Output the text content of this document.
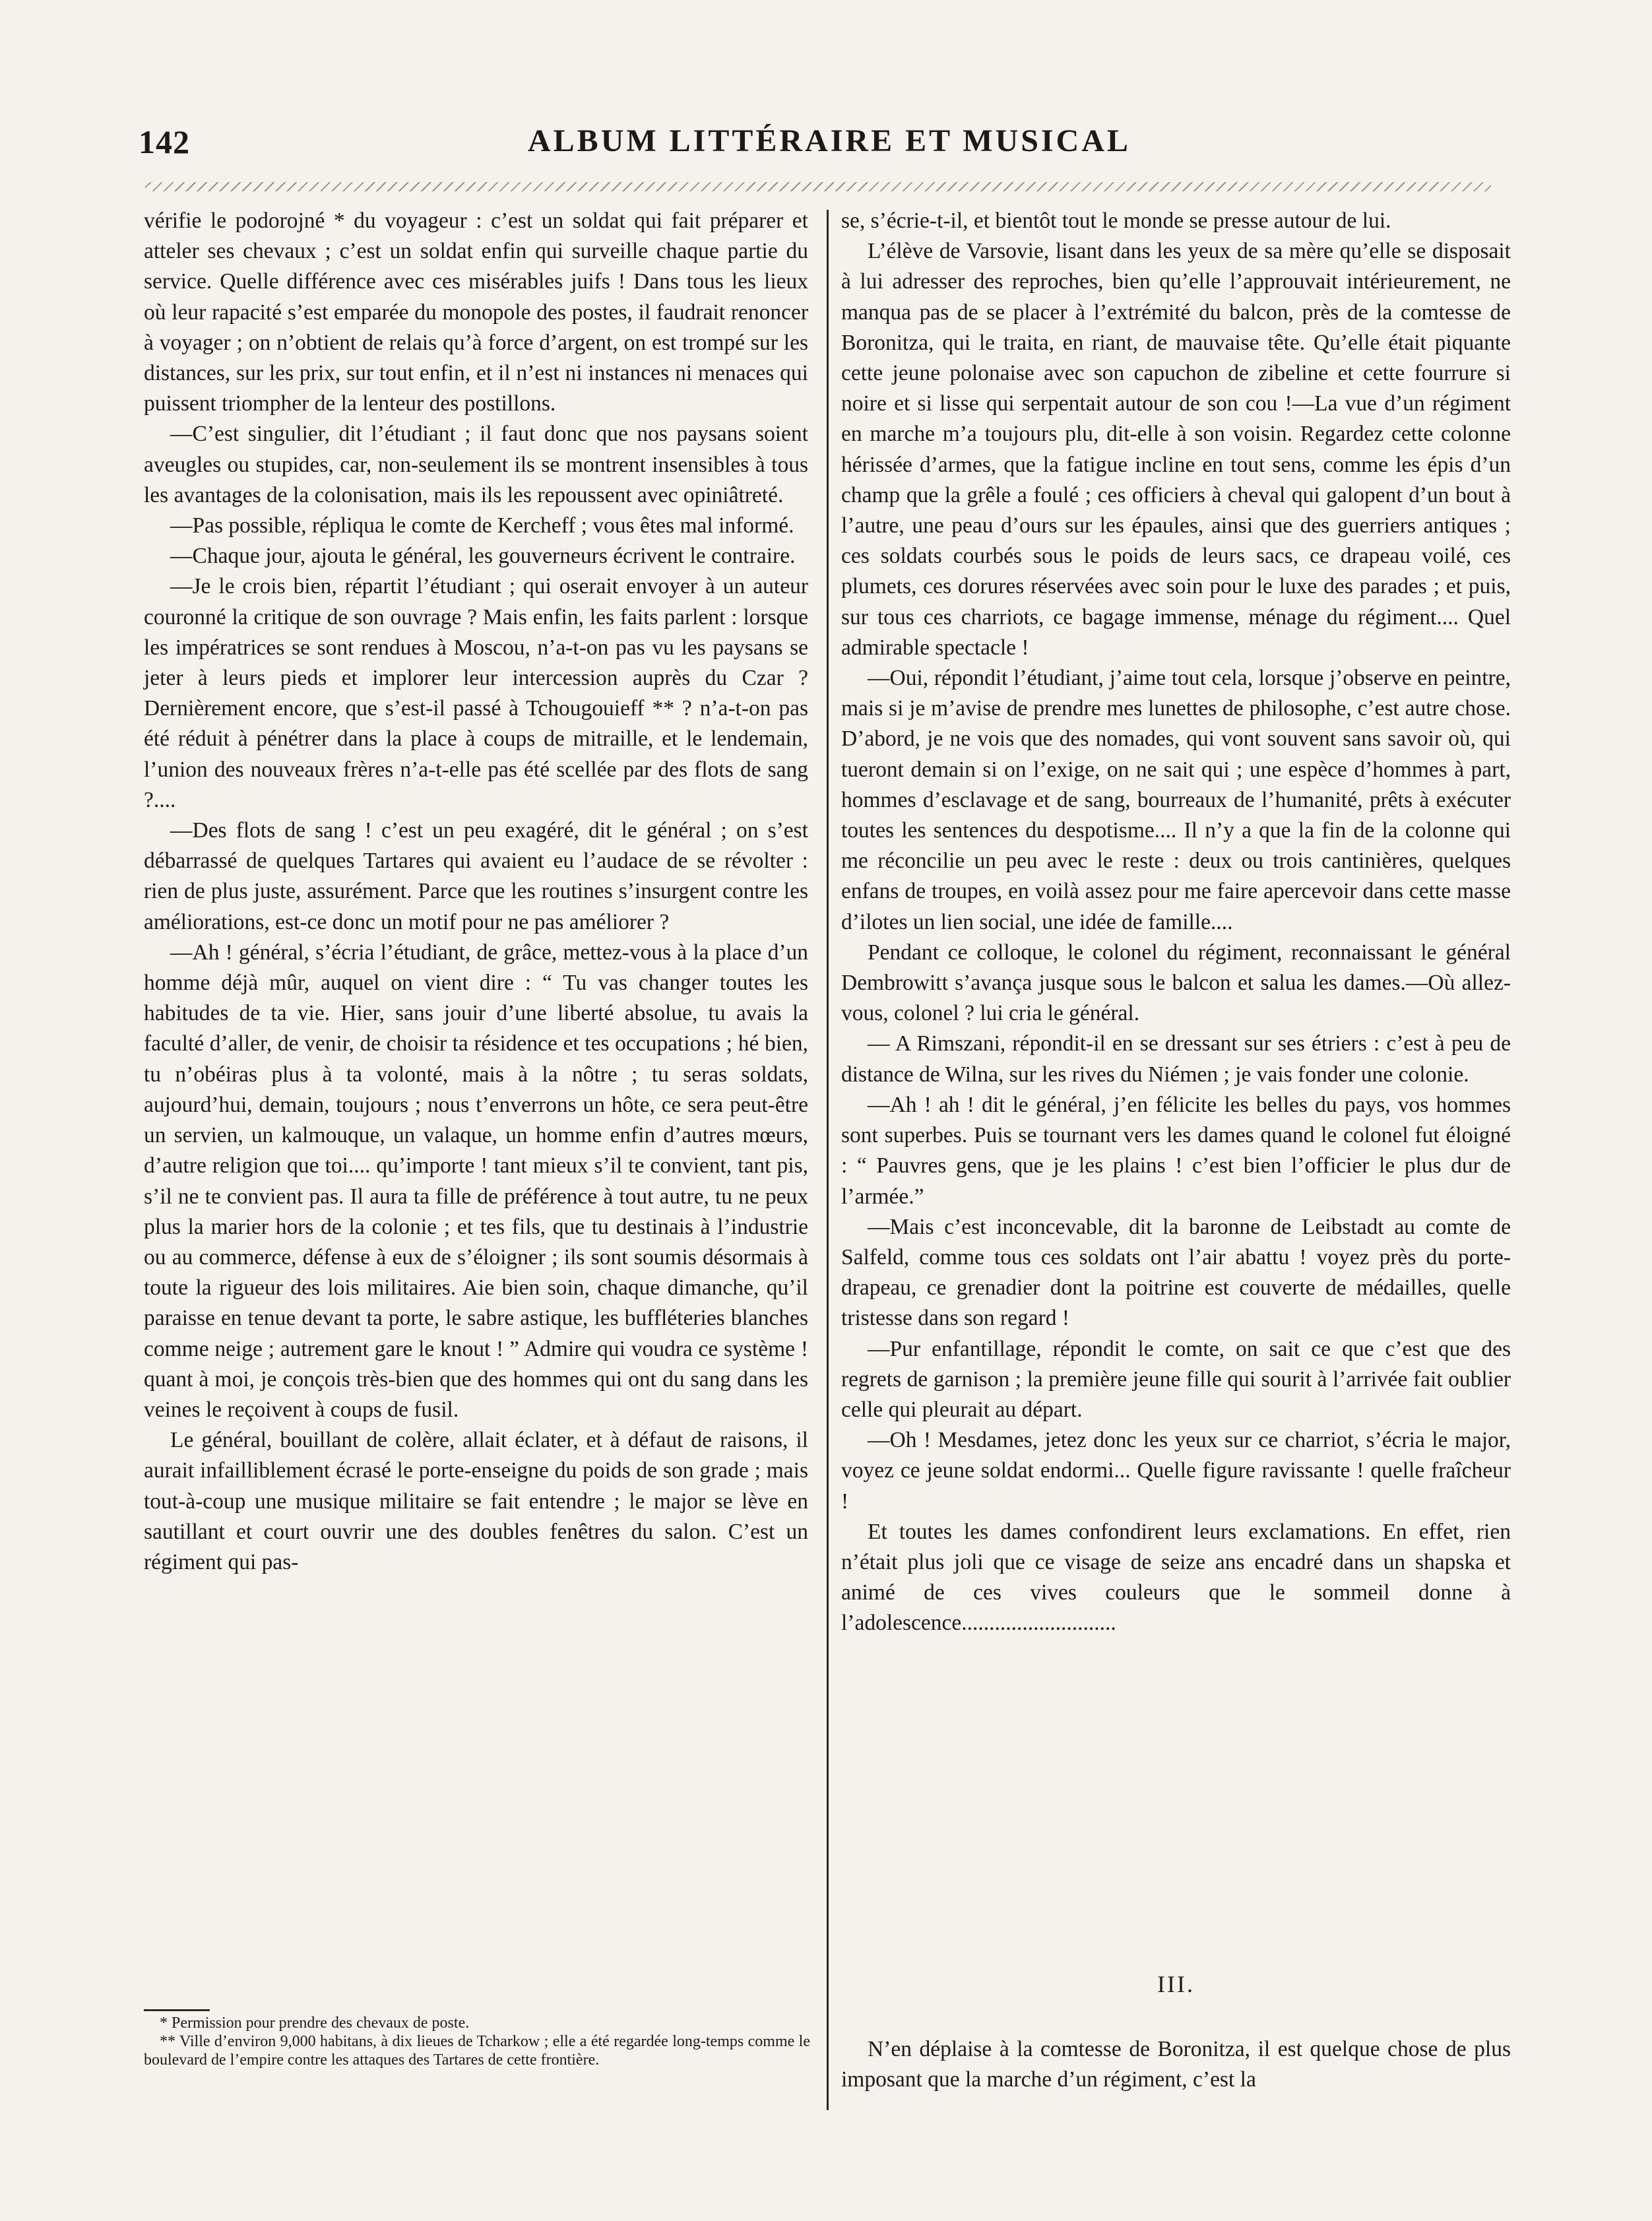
142	ALBUM LITTÉRAIRE ET MUSICAL

vérifie le podorojné * du voyageur : c’est un soldat qui fait préparer et atteler ses chevaux ; c’est un soldat enfin qui surveille chaque partie du service. Quelle différence avec ces misérables juifs ! Dans tous les lieux où leur rapacité s’est emparée du monopole des postes, il faudrait renoncer à voyager ; on n’obtient de relais qu’à force d’argent, on est trompé sur les distances, sur les prix, sur tout enfin, et il n’est ni instances ni menaces qui puissent triompher de la lenteur des postillons.

—C’est singulier, dit l’étudiant ; il faut donc que nos paysans soient aveugles ou stupides, car, non-seulement ils se montrent insensibles à tous les avantages de la colonisation, mais ils les repoussent avec opiniâtreté.

—Pas possible, répliqua le comte de Kercheff ; vous êtes mal informé.

—Chaque jour, ajouta le général, les gouverneurs écrivent le contraire.

—Je le crois bien, répartit l’étudiant ; qui oserait envoyer à un auteur couronné la critique de son ouvrage ? Mais enfin, les faits parlent : lorsque les impératrices se sont rendues à Moscou, n’a-t-on pas vu les paysans se jeter à leurs pieds et implorer leur intercession auprès du Czar ? Dernièrement encore, que s’est-il passé à Tchougouieff ** ? n’a-t-on pas été réduit à pénétrer dans la place à coups de mitraille, et le lendemain, l’union des nouveaux frères n’a-t-elle pas été scellée par des flots de sang ?....

—Des flots de sang ! c’est un peu exagéré, dit le général ; on s’est débarrassé de quelques Tartares qui avaient eu l’audace de se révolter : rien de plus juste, assurément. Parce que les routines s’insurgent contre les améliorations, est-ce donc un motif pour ne pas améliorer ?

—Ah ! général, s’écria l’étudiant, de grâce, mettez-vous à la place d’un homme déjà mûr, auquel on vient dire : “ Tu vas changer toutes les habitudes de ta vie. Hier, sans jouir d’une liberté absolue, tu avais la faculté d’aller, de venir, de choisir ta résidence et tes occupations ; hé bien, tu n’obéiras plus à ta volonté, mais à la nôtre ; tu seras soldats, aujourd’hui, demain, toujours ; nous t’enverrons un hôte, ce sera peut-être un servien, un kalmouque, un valaque, un homme enfin d’autres mœurs, d’autre religion que toi.... qu’importe ! tant mieux s’il te convient, tant pis, s’il ne te convient pas. Il aura ta fille de préférence à tout autre, tu ne peux plus la marier hors de la colonie ; et tes fils, que tu destinais à l’industrie ou au commerce, défense à eux de s’éloigner ; ils sont soumis désormais à toute la rigueur des lois militaires. Aie bien soin, chaque dimanche, qu’il paraisse en tenue devant ta porte, le sabre astique, les buffléteries blanches comme neige ; autrement gare le knout ! ” Admire qui voudra ce système ! quant à moi, je conçois très-bien que des hommes qui ont du sang dans les veines le reçoivent à coups de fusil.

Le général, bouillant de colère, allait éclater, et à défaut de raisons, il aurait infailliblement écrasé le porte-enseigne du poids de son grade ; mais tout-à-coup une musique militaire se fait entendre ; le major se lève en sautillant et court ouvrir une des doubles fenêtres du salon. C’est un régiment qui pas-

* Permission pour prendre des chevaux de poste.

** Ville d’environ 9,000 habitans, à dix lieues de Tcharkow ; elle a été regardée long-temps comme le boulevard de l’empire contre les attaques des Tartares de cette frontière.

se, s’écrie-t-il, et bientôt tout le monde se presse autour de lui.

L’élève de Varsovie, lisant dans les yeux de sa mère qu’elle se disposait à lui adresser des reproches, bien qu’elle l’approuvait intérieurement, ne manqua pas de se placer à l’extrémité du balcon, près de la comtesse de Boronitza, qui le traita, en riant, de mauvaise tête. Qu’elle était piquante cette jeune polonaise avec son capuchon de zibeline et cette fourrure si noire et si lisse qui serpentait autour de son cou !—La vue d’un régiment en marche m’a toujours plu, dit-elle à son voisin. Regardez cette colonne hérissée d’armes, que la fatigue incline en tout sens, comme les épis d’un champ que la grêle a foulé ; ces officiers à cheval qui galopent d’un bout à l’autre, une peau d’ours sur les épaules, ainsi que des guerriers antiques ; ces soldats courbés sous le poids de leurs sacs, ce drapeau voilé, ces plumets, ces dorures réservées avec soin pour le luxe des parades ; et puis, sur tous ces charriots, ce bagage immense, ménage du régiment.... Quel admirable spectacle !

—Oui, répondit l’étudiant, j’aime tout cela, lorsque j’observe en peintre, mais si je m’avise de prendre mes lunettes de philosophe, c’est autre chose. D’abord, je ne vois que des nomades, qui vont souvent sans savoir où, qui tueront demain si on l’exige, on ne sait qui ; une espèce d’hommes à part, hommes d’esclavage et de sang, bourreaux de l’humanité, prêts à exécuter toutes les sentences du despotisme.... Il n’y a que la fin de la colonne qui me réconcilie un peu avec le reste : deux ou trois cantinières, quelques enfans de troupes, en voilà assez pour me faire apercevoir dans cette masse d’ilotes un lien social, une idée de famille....

Pendant ce colloque, le colonel du régiment, reconnaissant le général Dembrowitt s’avança jusque sous le balcon et salua les dames.—Où allez-vous, colonel ? lui cria le général.

— A Rimszani, répondit-il en se dressant sur ses étriers : c’est à peu de distance de Wilna, sur les rives du Niémen ; je vais fonder une colonie.

—Ah ! ah ! dit le général, j’en félicite les belles du pays, vos hommes sont superbes. Puis se tournant vers les dames quand le colonel fut éloigné : “ Pauvres gens, que je les plains ! c’est bien l’officier le plus dur de l’armée.”

—Mais c’est inconcevable, dit la baronne de Leibstadt au comte de Salfeld, comme tous ces soldats ont l’air abattu ! voyez près du porte-drapeau, ce grenadier dont la poitrine est couverte de médailles, quelle tristesse dans son regard !

—Pur enfantillage, répondit le comte, on sait ce que c’est que des regrets de garnison ; la première jeune fille qui sourit à l’arrivée fait oublier celle qui pleurait au départ.

—Oh ! Mesdames, jetez donc les yeux sur ce charriot, s’écria le major, voyez ce jeune soldat endormi... Quelle figure ravissante ! quelle fraîcheur !

Et toutes les dames confondirent leurs exclamations. En effet, rien n’était plus joli que ce visage de seize ans encadré dans un shapska et animé de ces vives couleurs que le sommeil donne à l’adolescence............................

III.

N’en déplaise à la comtesse de Boronitza, il est quelque chose de plus imposant que la marche d’un régiment, c’est la
